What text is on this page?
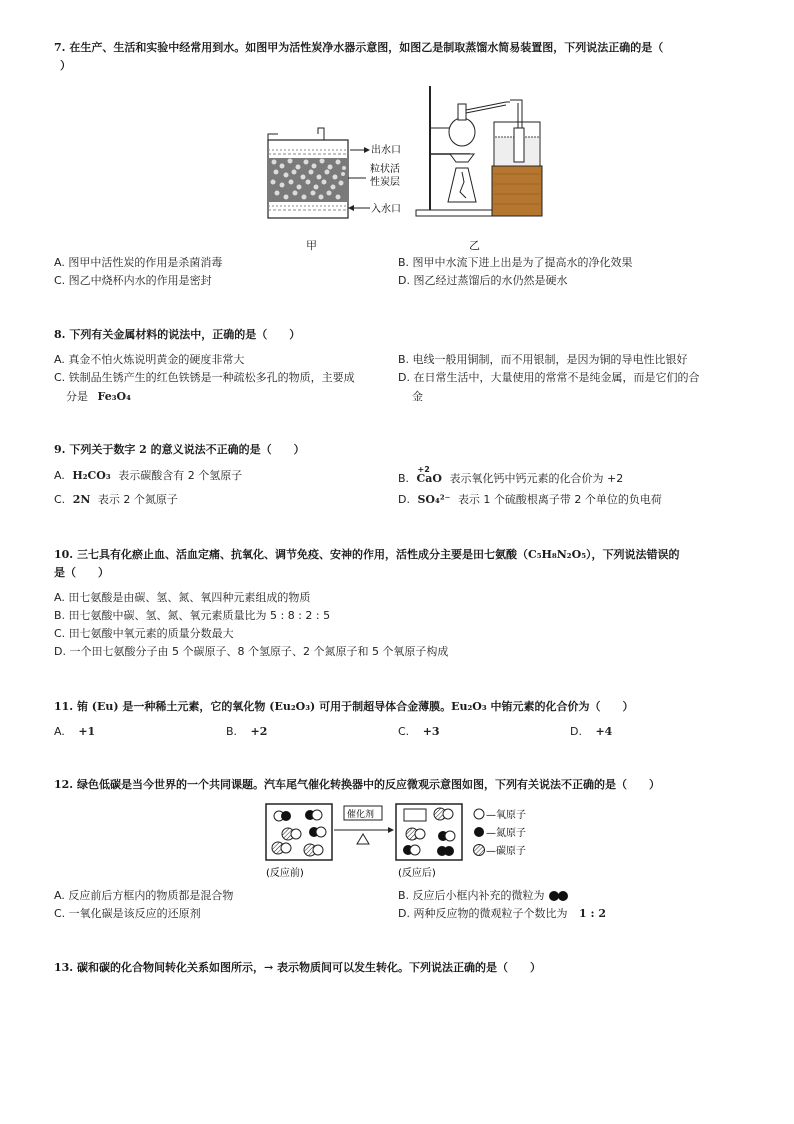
7. 在生产、生活和实验中经常用到水。如图甲为活性炭净水器示意图，如图乙是制取蒸馏水简易装置图，下列说法正确的是（
）
出水口
粒状活
性炭层
入水口
甲	乙
A. 图甲中活性炭的作用是杀菌消毒	B. 图甲中水流下进上出是为了提高水的净化效果
C. 图乙中烧杯内水的作用是密封	D. 图乙经过蒸馏后的水仍然是硬水
8. 下列有关金属材料的说法中，正确的是（　　）
A. 真金不怕火炼说明黄金的硬度非常大	B. 电线一般用铜制，而不用银制，是因为铜的导电性比银好
C. 铁制品生锈产生的红色铁锈是一种疏松多孔的物质，主要成
分是 Fe₃O₄
D. 在日常生活中，大量使用的常常不是纯金属，而是它们的合
金
9. 下列关于数字 2 的意义说法不正确的是（　　）
A. H₂CO₃ 表示碳酸含有 2 个氢原子	B.
+2
CaO 表示氧化钙中钙元素的化合价为 +2
C. 2N 表示 2 个氮原子	D. SO₄²⁻ 表示 1 个硫酸根离子带 2 个单位的负电荷
10. 三七具有化瘀止血、活血定痛、抗氧化、调节免疫、安神的作用，活性成分主要是田七氨酸（C₅H₈N₂O₅），下列说法错误的
是（　　）
A. 田七氨酸是由碳、氢、氮、氧四种元素组成的物质
B. 田七氨酸中碳、氢、氮、氧元素质量比为 5 : 8 : 2 : 5
C. 田七氨酸中氧元素的质量分数最大
D. 一个田七氨酸分子由 5 个碳原子、8 个氢原子、2 个氮原子和 5 个氧原子构成
11. 铕 (Eu) 是一种稀土元素，它的氧化物 (Eu₂O₃) 可用于制超导体合金薄膜。Eu₂O₃ 中铕元素的化合价为（　　）
A. +1	B. +2	C. +3	D. +4
12. 绿色低碳是当今世界的一个共同课题。汽车尾气催化转换器中的反应微观示意图如图，下列有关说法不正确的是（　　）
(反应前)
催化剂
(反应后)
—氧原子
—氮原子
—碳原子
A. 反应前后方框内的物质都是混合物	B. 反应后小框内补充的微粒为
C. 一氧化碳是该反应的还原剂	D. 两种反应物的微观粒子个数比为 1 : 2
13. 碳和碳的化合物间转化关系如图所示，→ 表示物质间可以发生转化。下列说法正确的是（　　）
